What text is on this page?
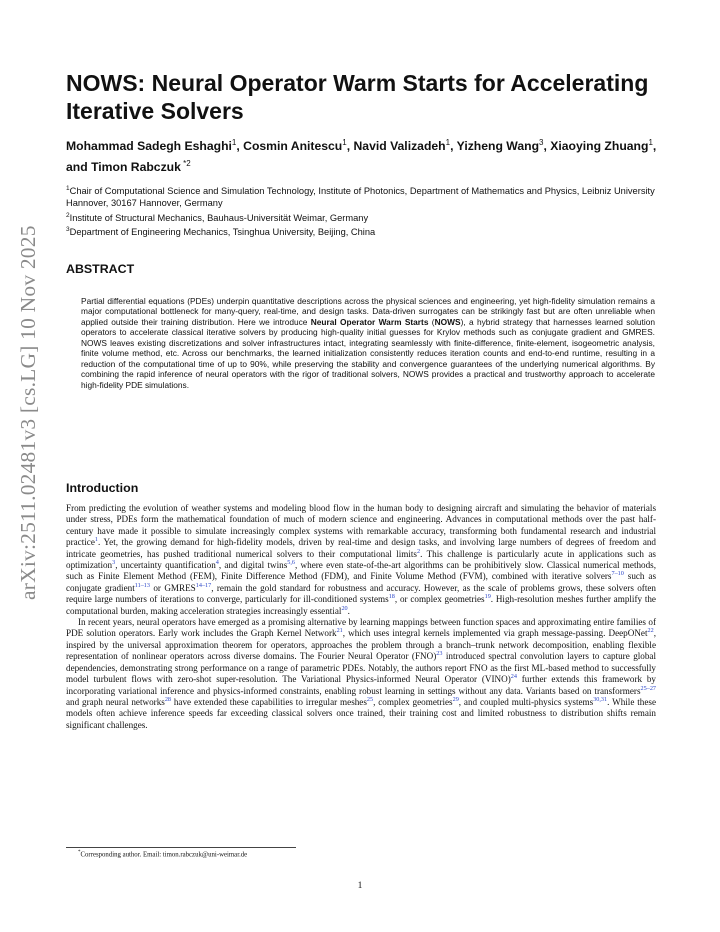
arXiv:2511.02481v3 [cs.LG] 10 Nov 2025
NOWS: Neural Operator Warm Starts for Accelerating Iterative Solvers

Mohammad Sadegh Eshaghi$^1$, Cosmin Anitescu$^1$, Navid Valizadeh$^1$, Yizheng Wang$^3$, Xiaoying Zhuang$^1$, and Timon Rabczuk $^{*2}$

$^1$Chair of Computational Science and Simulation Technology, Institute of Photonics, Department of Mathematics and Physics, Leibniz University Hannover, 30167 Hannover, Germany

$^2$Institute of Structural Mechanics, Bauhaus-Universität Weimar, Germany

$^3$Department of Engineering Mechanics, Tsinghua University, Beijing, China

ABSTRACT

Partial differential equations (PDEs) underpin quantitative descriptions across the physical sciences and engineering, yet high-fidelity simulation remains a major computational bottleneck for many-query, real-time, and design tasks. Data-driven surrogates can be strikingly fast but are often unreliable when applied outside their training distribution. Here we introduce Neural Operator Warm Starts (NOWS), a hybrid strategy that harnesses learned solution operators to accelerate classical iterative solvers by producing high-quality initial guesses for Krylov methods such as conjugate gradient and GMRES. NOWS leaves existing discretizations and solver infrastructures intact, integrating seamlessly with finite-difference, finite-element, isogeometric analysis, finite volume method, etc. Across our benchmarks, the learned initialization consistently reduces iteration counts and end-to-end runtime, resulting in a reduction of the computational time of up to 90%, while preserving the stability and convergence guarantees of the underlying numerical algorithms. By combining the rapid inference of neural operators with the rigor of traditional solvers, NOWS provides a practical and trustworthy approach to accelerate high-fidelity PDE simulations.

Introduction

From predicting the evolution of weather systems and modeling blood flow in the human body to designing aircraft and simulating the behavior of materials under stress, PDEs form the mathematical foundation of much of modern science and engineering. Advances in computational methods over the past half-century have made it possible to simulate increasingly complex systems with remarkable accuracy, transforming both fundamental research and industrial practice$^1$. Yet, the growing demand for high-fidelity models, driven by real-time and design tasks, and involving large numbers of degrees of freedom and intricate geometries, has pushed traditional numerical solvers to their computational limits$^2$. This challenge is particularly acute in applications such as optimization$^3$, uncertainty quantification$^4$, and digital twins$^{5,6}$, where even state-of-the-art algorithms can be prohibitively slow. Classical numerical methods, such as Finite Element Method (FEM), Finite Difference Method (FDM), and Finite Volume Method (FVM), combined with iterative solvers$^{7-10}$ such as conjugate gradient$^{11-13}$ or GMRES$^{14-17}$, remain the gold standard for robustness and accuracy. However, as the scale of problems grows, these solvers often require large numbers of iterations to converge, particularly for ill-conditioned systems$^{18}$, or complex geometries$^{19}$. High-resolution meshes further amplify the computational burden, making acceleration strategies increasingly essential$^{20}$.

In recent years, neural operators have emerged as a promising alternative by learning mappings between function spaces and approximating entire families of PDE solution operators. Early work includes the Graph Kernel Network$^{21}$, which uses integral kernels implemented via graph message-passing. DeepONet$^{22}$, inspired by the universal approximation theorem for operators, approaches the problem through a branch–trunk network decomposition, enabling flexible representation of nonlinear operators across diverse domains. The Fourier Neural Operator (FNO)$^{23}$ introduced spectral convolution layers to capture global dependencies, demonstrating strong performance on a range of parametric PDEs. Notably, the authors report FNO as the first ML-based method to successfully model turbulent flows with zero-shot super-resolution. The Variational Physics-informed Neural Operator (VINO)$^{24}$ further extends this framework by incorporating variational inference and physics-informed constraints, enabling robust learning in settings without any data. Variants based on transformers$^{25-27}$ and graph neural networks$^{28}$ have extended these capabilities to irregular meshes$^{25}$, complex geometries$^{29}$, and coupled multi-physics systems$^{30,31}$. While these models often achieve inference speeds far exceeding classical solvers once trained, their training cost and limited robustness to distribution shifts remain significant challenges.

*Corresponding author. Email: timon.rabczuk@uni-weimar.de

1
